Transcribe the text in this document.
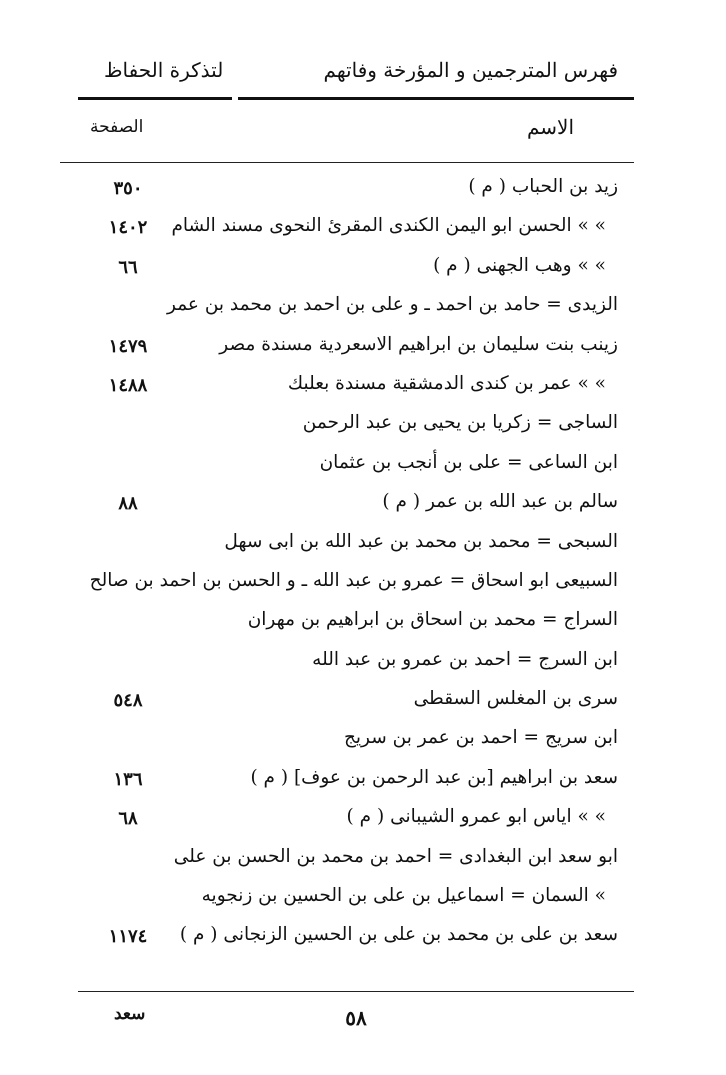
فهرس المترجمين و المؤرخة وفاتهم
لتذكرة الحفاظ
الاسم
الصفحة
زيد بن الحباب ( م )
٣٥٠
» » الحسن ابو اليمن الكندى المقرئ النحوى مسند الشام
١٤٠٢
» » وهب الجهنى ( م )
٦٦
الزيدى = حامد بن احمد ـ و على بن احمد بن محمد بن عمر
زينب بنت سليمان بن ابراهيم الاسعردية مسندة مصر
١٤٧٩
» » عمر بن كندى الدمشقية مسندة بعلبك
١٤٨٨
الساجى = زكريا بن يحيى بن عبد الرحمن
ابن الساعى = على بن أنجب بن عثمان
سالم بن عبد الله بن عمر ( م )
٨٨
السبحى = محمد بن محمد بن عبد الله بن ابى سهل
السبيعى ابو اسحاق = عمرو بن عبد الله ـ و الحسن بن احمد بن صالح
السراج = محمد بن اسحاق بن ابراهيم بن مهران
ابن السرج = احمد بن عمرو بن عبد الله
سرى بن المغلس السقطى
٥٤٨
ابن سريج = احمد بن عمر بن سريج
سعد بن ابراهيم [بن عبد الرحمن بن عوف] ( م )
١٣٦
» » اياس ابو عمرو الشيبانى ( م )
٦٨
ابو سعد ابن البغدادى = احمد بن محمد بن الحسن بن على
» السمان = اسماعيل بن على بن الحسين بن زنجويه
سعد بن على بن محمد بن على بن الحسين الزنجانى ( م )
١١٧٤
٥٨
سعد
